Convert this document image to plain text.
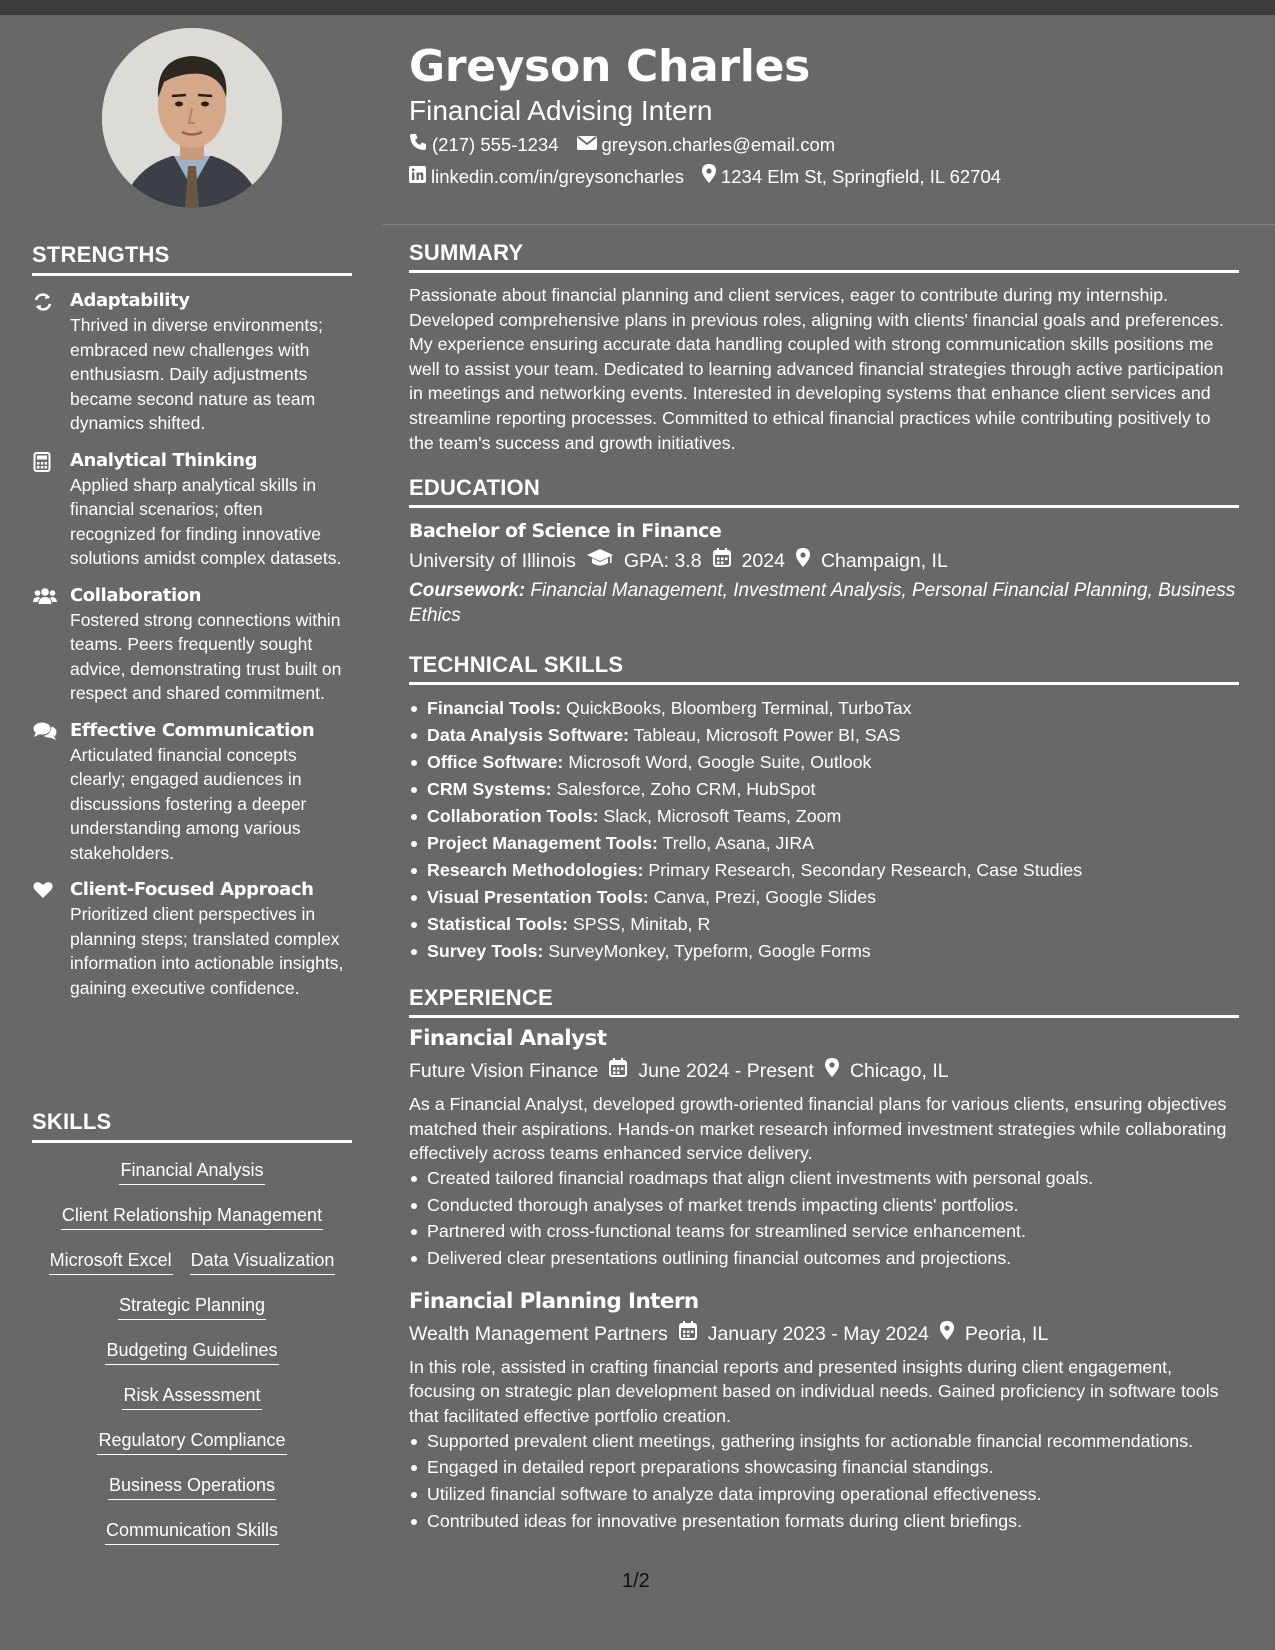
STRENGTHS
Adaptability
Thrived in diverse environments; embraced new challenges with enthusiasm. Daily adjustments became second nature as team dynamics shifted.
Analytical Thinking
Applied sharp analytical skills in financial scenarios; often recognized for finding innovative solutions amidst complex datasets.
Collaboration
Fostered strong connections within teams. Peers frequently sought advice, demonstrating trust built on respect and shared commitment.
Effective Communication
Articulated financial concepts clearly; engaged audiences in discussions fostering a deeper understanding among various stakeholders.
Client-Focused Approach
Prioritized client perspectives in planning steps; translated complex information into actionable insights, gaining executive confidence.
SKILLS
Financial Analysis
Client Relationship Management
Microsoft Excel Data Visualization
Strategic Planning
Budgeting Guidelines
Risk Assessment
Regulatory Compliance
Business Operations
Communication Skills
Greyson Charles
Financial Advising Intern
(217) 555-1234 greyson.charles@email.com
linkedin.com/in/greysoncharles 1234 Elm St, Springfield, IL 62704
SUMMARY
Passionate about financial planning and client services, eager to contribute during my internship. Developed comprehensive plans in previous roles, aligning with clients' financial goals and preferences. My experience ensuring accurate data handling coupled with strong communication skills positions me well to assist your team. Dedicated to learning advanced financial strategies through active participation in meetings and networking events. Interested in developing systems that enhance client services and streamline reporting processes. Committed to ethical financial practices while contributing positively to the team's success and growth initiatives.
EDUCATION
Bachelor of Science in Finance
University of Illinois GPA: 3.8 2024 Champaign, IL
Coursework: Financial Management, Investment Analysis, Personal Financial Planning, Business Ethics
TECHNICAL SKILLS
Financial Tools: QuickBooks, Bloomberg Terminal, TurboTax
Data Analysis Software: Tableau, Microsoft Power BI, SAS
Office Software: Microsoft Word, Google Suite, Outlook
CRM Systems: Salesforce, Zoho CRM, HubSpot
Collaboration Tools: Slack, Microsoft Teams, Zoom
Project Management Tools: Trello, Asana, JIRA
Research Methodologies: Primary Research, Secondary Research, Case Studies
Visual Presentation Tools: Canva, Prezi, Google Slides
Statistical Tools: SPSS, Minitab, R
Survey Tools: SurveyMonkey, Typeform, Google Forms
EXPERIENCE
Financial Analyst
Future Vision Finance June 2024 - Present Chicago, IL
As a Financial Analyst, developed growth-oriented financial plans for various clients, ensuring objectives matched their aspirations. Hands-on market research informed investment strategies while collaborating effectively across teams enhanced service delivery.
Created tailored financial roadmaps that align client investments with personal goals.
Conducted thorough analyses of market trends impacting clients' portfolios.
Partnered with cross-functional teams for streamlined service enhancement.
Delivered clear presentations outlining financial outcomes and projections.
Financial Planning Intern
Wealth Management Partners January 2023 - May 2024 Peoria, IL
In this role, assisted in crafting financial reports and presented insights during client engagement, focusing on strategic plan development based on individual needs. Gained proficiency in software tools that facilitated effective portfolio creation.
Supported prevalent client meetings, gathering insights for actionable financial recommendations.
Engaged in detailed report preparations showcasing financial standings.
Utilized financial software to analyze data improving operational effectiveness.
Contributed ideas for innovative presentation formats during client briefings.
1/2
